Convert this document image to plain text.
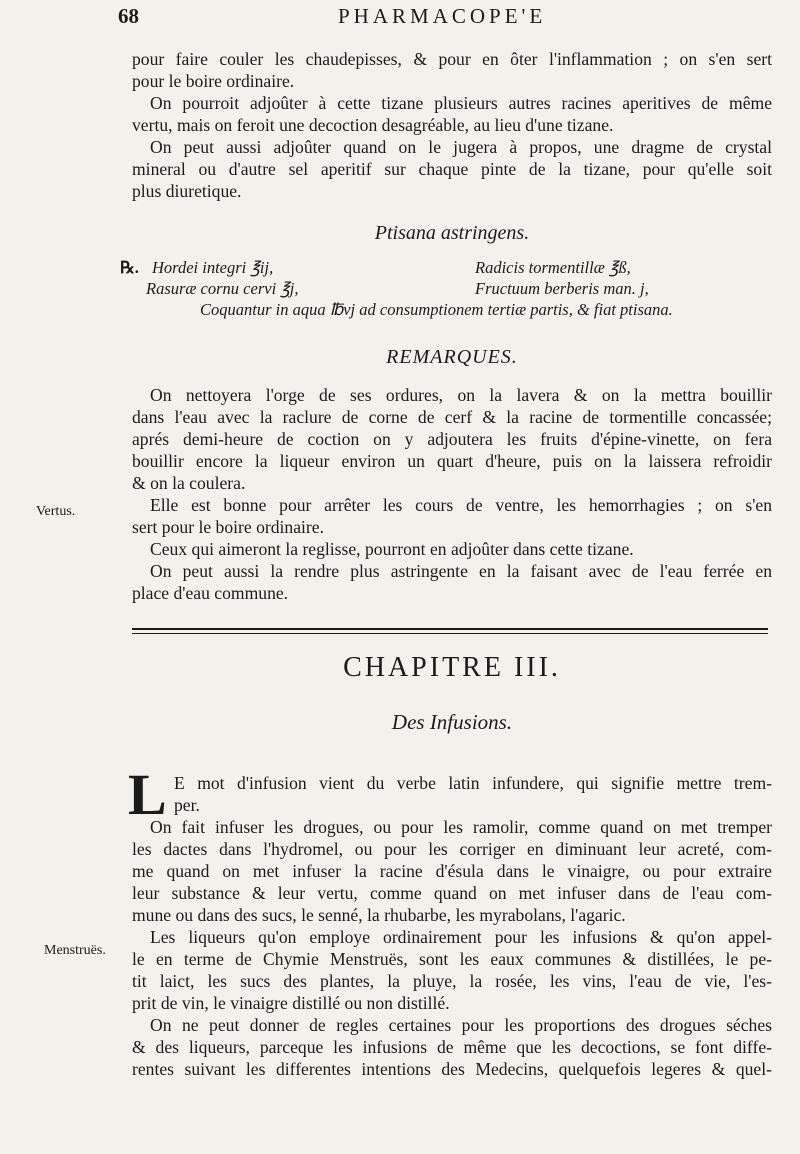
68	PHARMACOPE'E
pour faire couler les chaudepisses, & pour en ôter l'inflammation ; on s'en sert
pour le boire ordinaire.
On pourroit adjoûter à cette tizane plusieurs autres racines aperitives de même
vertu, mais on feroit une decoction desagréable, au lieu d'une tizane.
On peut aussi adjoûter quand on le jugera à propos, une dragme de crystal
mineral ou d'autre sel aperitif sur chaque pinte de la tizane, pour qu'elle soit
plus diuretique.
Ptisana astringens.
℞. Hordei integri ℥ij,	Radicis tormentillæ ℥ß,
Rasuræ cornu cervi ℥j,	Fructuum berberis man. j,
Coquantur in aqua ℔vj ad consumptionem tertiæ partis, & fiat ptisana.
REMARQUES.
On nettoyera l'orge de ses ordures, on la lavera & on la mettra bouillir
dans l'eau avec la raclure de corne de cerf & la racine de tormentille concassée;
aprés demi-heure de coction on y adjoutera les fruits d'épine-vinette, on fera
bouillir encore la liqueur environ un quart d'heure, puis on la laissera refroidir
& on la coulera.
Vertus.	Elle est bonne pour arrêter les cours de ventre, les hemorrhagies ; on s'en
sert pour le boire ordinaire.
Ceux qui aimeront la reglisse, pourront en adjoûter dans cette tizane.
On peut aussi la rendre plus astringente en la faisant avec de l'eau ferrée en
place d'eau commune.
CHAPITRE III.
Des Infusions.
L E mot d'infusion vient du verbe latin infundere, qui signifie mettre trem-
per.
On fait infuser les drogues, ou pour les ramolir, comme quand on met tremper
les dactes dans l'hydromel, ou pour les corriger en diminuant leur acreté, com-
me quand on met infuser la racine d'ésula dans le vinaigre, ou pour extraire
leur substance & leur vertu, comme quand on met infuser dans de l'eau com-
mune ou dans des sucs, le senné, la rhubarbe, les myrabolans, l'agaric.
Menstruës.
Les liqueurs qu'on employe ordinairement pour les infusions & qu'on appel-
le en terme de Chymie Menstruës, sont les eaux communes & distillées, le pe-
tit laict, les sucs des plantes, la pluye, la rosée, les vins, l'eau de vie, l'es-
prit de vin, le vinaigre distillé ou non distillé.
On ne peut donner de regles certaines pour les proportions des drogues séches
& des liqueurs, parceque les infusions de même que les decoctions, se font diffe-
rentes suivant les differentes intentions des Medecins, quelquefois legeres & quel-
